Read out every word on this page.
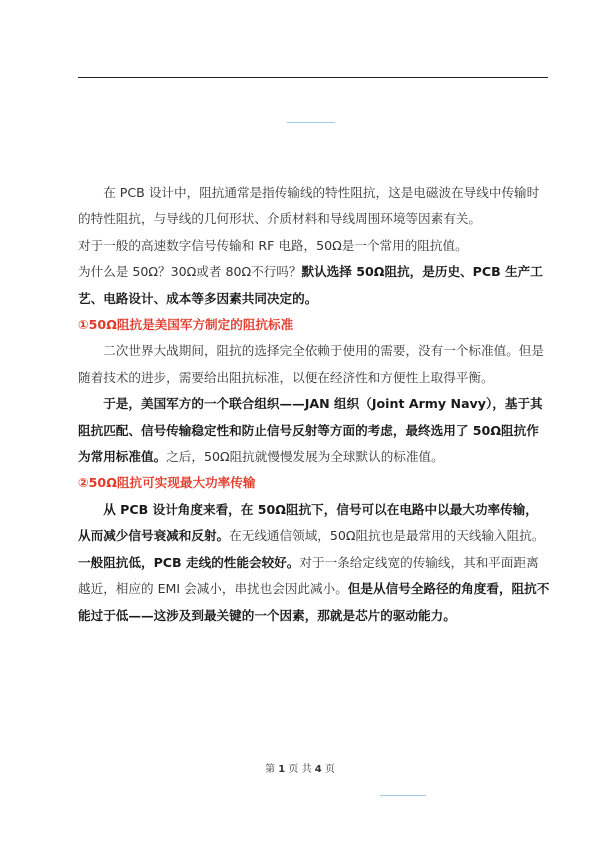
在 PCB 设计中，阻抗通常是指传输线的特性阻抗，这是电磁波在导线中传输时的特性阻抗，与导线的几何形状、介质材料和导线周围环境等因素有关。

对于一般的高速数字信号传输和 RF 电路，50Ω是一个常用的阻抗值。

为什么是 50Ω？30Ω或者 80Ω不行吗？默认选择 50Ω阻抗，是历史、PCB 生产工艺、电路设计、成本等多因素共同决定的。

①50Ω阻抗是美国军方制定的阻抗标准

二次世界大战期间，阻抗的选择完全依赖于使用的需要，没有一个标准值。但是随着技术的进步，需要给出阻抗标准，以便在经济性和方便性上取得平衡。

于是，美国军方的一个联合组织——JAN 组织（Joint Army Navy），基于其阻抗匹配、信号传输稳定性和防止信号反射等方面的考虑，最终选用了 50Ω阻抗作为常用标准值。之后，50Ω阻抗就慢慢发展为全球默认的标准值。

②50Ω阻抗可实现最大功率传输

从 PCB 设计角度来看，在 50Ω阻抗下，信号可以在电路中以最大功率传输，从而减少信号衰减和反射。在无线通信领域，50Ω阻抗也是最常用的天线输入阻抗。

一般阻抗低，PCB 走线的性能会较好。对于一条给定线宽的传输线，其和平面距离越近，相应的 EMI 会减小，串扰也会因此减小。但是从信号全路径的角度看，阻抗不能过于低——这涉及到最关键的一个因素，那就是芯片的驱动能力。

第 1 页 共 4 页
